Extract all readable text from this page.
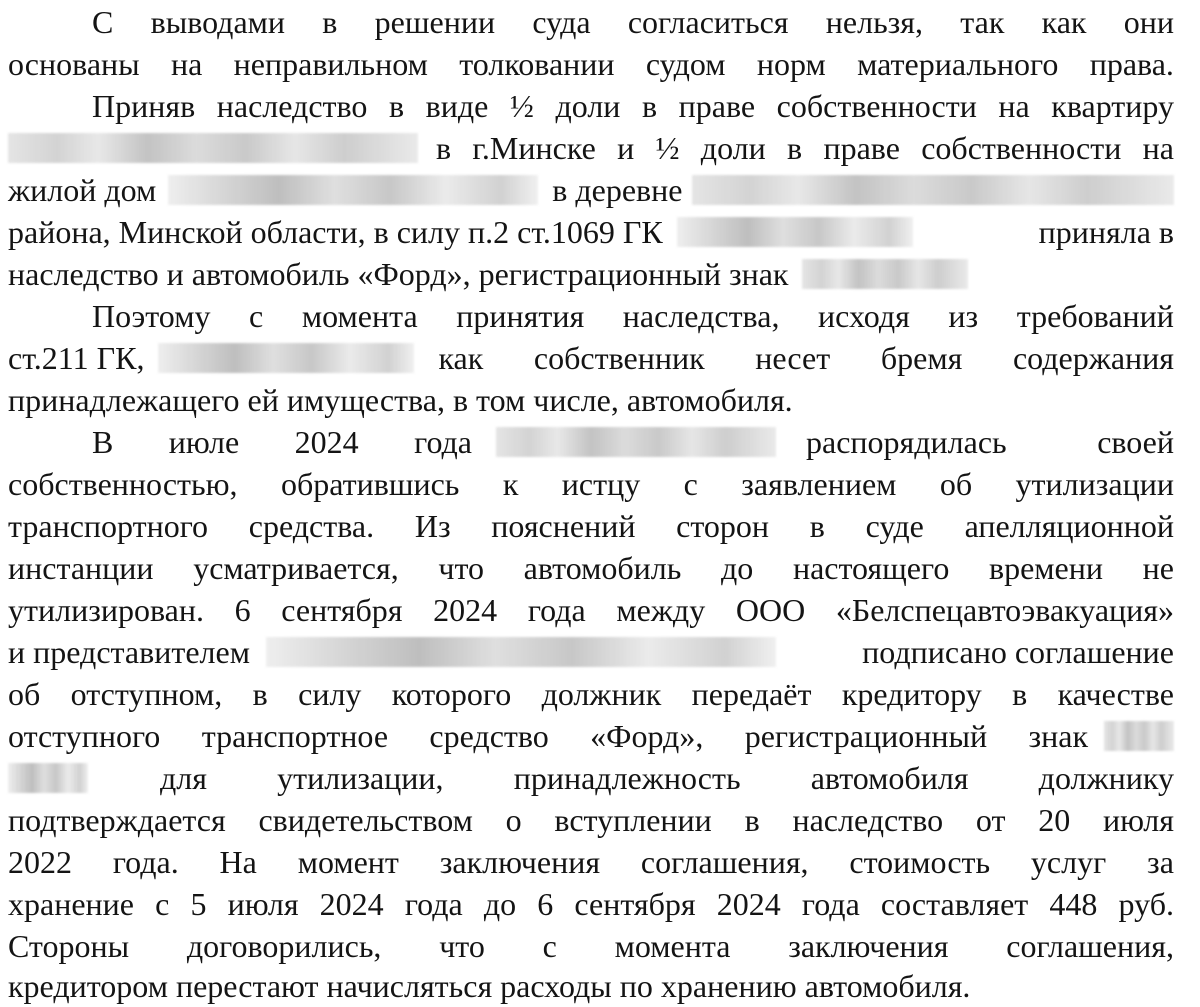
С выводами в решении суда согласиться нельзя, так как они
основаны на неправильном толковании судом норм материального права.
Приняв наследство в виде ½ доли в праве собственности на квартиру
в г.Минске и ½ доли в праве собственности на
жилой дом	в деревне
района, Минской области, в силу п.2 ст.1069 ГК	приняла в
наследство и автомобиль «Форд», регистрационный знак
Поэтому с момента принятия наследства, исходя из требований
ст.211 ГК,	как собственник несет бремя содержания
принадлежащего ей имущества, в том числе, автомобиля.
В июле 2024 года	распорядилась	своей
собственностью, обратившись к истцу с заявлением об утилизации
транспортного средства. Из пояснений сторон в суде апелляционной
инстанции усматривается, что автомобиль до настоящего времени не
утилизирован. 6 сентября 2024 года между ООО «Белспецавтоэвакуация»
и представителем	подписано соглашение
об отступном, в силу которого должник передаёт кредитору в качестве
отступного транспортное средство «Форд», регистрационный знак
для утилизации, принадлежность автомобиля должнику
подтверждается свидетельством о вступлении в наследство от 20 июля
2022 года. На момент заключения соглашения, стоимость услуг за
хранение с 5 июля 2024 года до 6 сентября 2024 года составляет 448 руб.
Стороны договорились, что с момента заключения соглашения,
кредитором перестают начисляться расходы по хранению автомобиля.
